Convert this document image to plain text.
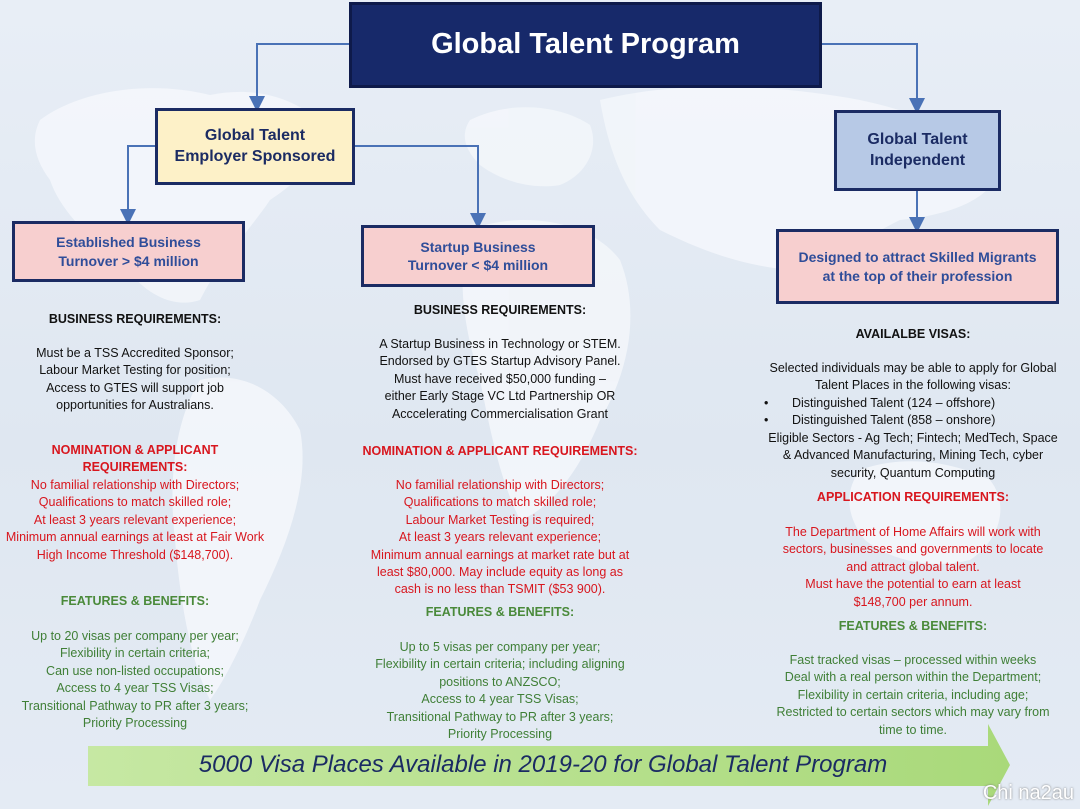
Global Talent Program
Global Talent
Employer Sponsored
Global Talent
Independent
Established Business
Turnover > $4 million
Startup Business
Turnover < $4 million	Designed to attract Skilled Migrants
at the top of their profession
BUSINESS REQUIREMENTS:
Must be a TSS Accredited Sponsor;
Labour Market Testing for position;
Access to GTES will support job
opportunities for Australians.
NOMINATION & APPLICANT REQUIREMENTS:
No familial relationship with Directors;
Qualifications to match skilled role;
At least 3 years relevant experience;
Minimum annual earnings at least at Fair Work
High Income Threshold ($148,700).
FEATURES & BENEFITS:
Up to 20 visas per company per year;
Flexibility in certain criteria;
Can use non-listed occupations;
Access to 4 year TSS Visas;
Transitional Pathway to PR after 3 years;
Priority Processing
BUSINESS REQUIREMENTS:
A Startup Business in Technology or STEM.
Endorsed by GTES Startup Advisory Panel.
Must have received $50,000 funding –
either Early Stage VC Ltd Partnership OR
Acccelerating Commercialisation Grant
NOMINATION & APPLICANT REQUIREMENTS:
No familial relationship with Directors;
Qualifications to match skilled role;
Labour Market Testing is required;
At least 3 years relevant experience;
Minimum annual earnings at market rate but at
least $80,000. May include equity as long as
cash is no less than TSMIT ($53 900).
FEATURES & BENEFITS:
Up to 5 visas per company per year;
Flexibility in certain criteria; including aligning
positions to ANZSCO;
Access to 4 year TSS Visas;
Transitional Pathway to PR after 3 years;
Priority Processing
AVAILALBE VISAS:
Selected individuals may be able to apply for Global
Talent Places in the following visas:
• Distinguished Talent (124 – offshore)
• Distinguished Talent (858 – onshore)
Eligible Sectors - Ag Tech; Fintech; MedTech, Space
& Advanced Manufacturing, Mining Tech, cyber
security, Quantum Computing
APPLICATION REQUIREMENTS:
The Department of Home Affairs will work with
sectors, businesses and governments to locate
and attract global talent.
Must have the potential to earn at least
$148,700 per annum.
FEATURES & BENEFITS:
Fast tracked visas – processed within weeks
Deal with a real person within the Department;
Flexibility in certain criteria, including age;
Restricted to certain sectors which may vary from
time to time.
5000 Visa Places Available in 2019-20 for Global Talent Program
Chi na2au
